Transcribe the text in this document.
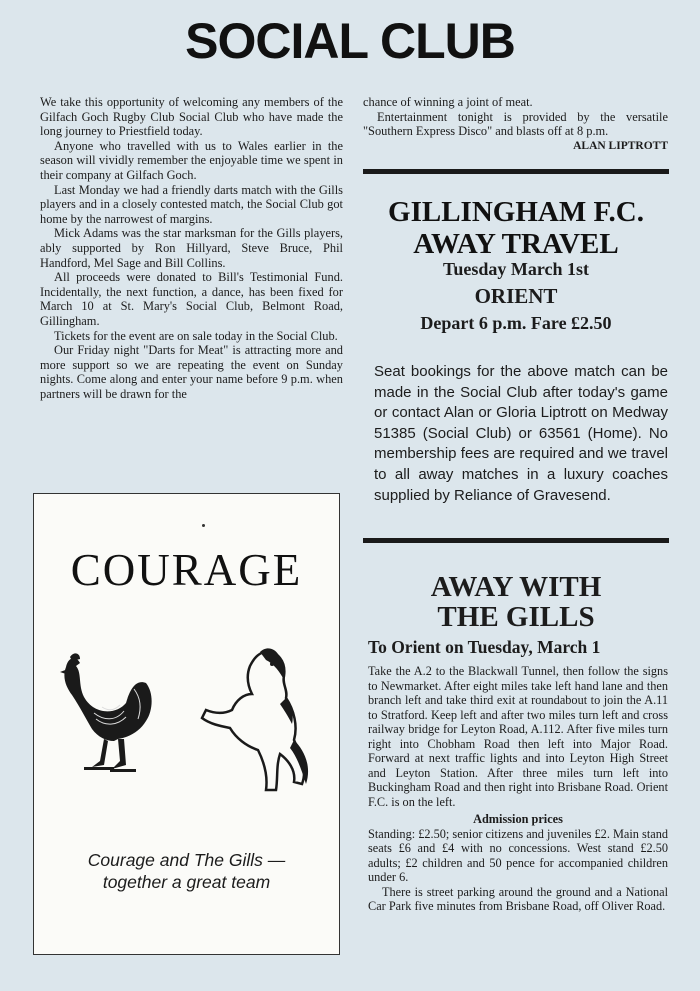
SOCIAL CLUB

We take this opportunity of welcoming any members of the Gilfach Goch Rugby Club Social Club who have made the long journey to Priestfield today.

Anyone who travelled with us to Wales earlier in the season will vividly remember the enjoyable time we spent in their company at Gilfach Goch.

Last Monday we had a friendly darts match with the Gills players and in a closely contested match, the Social Club got home by the narrowest of margins.

Mick Adams was the star marksman for the Gills players, ably supported by Ron Hillyard, Steve Bruce, Phil Handford, Mel Sage and Bill Collins.

All proceeds were donated to Bill's Testimonial Fund. Incidentally, the next function, a dance, has been fixed for March 10 at St. Mary's Social Club, Belmont Road, Gillingham.

Tickets for the event are on sale today in the Social Club.

Our Friday night "Darts for Meat" is attracting more and more support so we are repeating the event on Sunday nights. Come along and enter your name before 9 p.m. when partners will be drawn for the

chance of winning a joint of meat.

Entertainment tonight is provided by the versatile "Southern Express Disco" and blasts off at 8 p.m.

ALAN LIPTROTT
GILLINGHAM F.C.
AWAY TRAVEL
Tuesday March 1st
ORIENT
Depart 6 p.m. Fare £2.50

Seat bookings for the above match can be made in the Social Club after today's game or contact Alan or Gloria Liptrott on Medway 51385 (Social Club) or 63561 (Home). No membership fees are required and we travel to all away matches in a luxury coaches supplied by Reliance of Gravesend.

COURAGE
Courage and The Gills —
together a great team
AWAY WITH
THE GILLS
To Orient on Tuesday, March 1

Take the A.2 to the Blackwall Tunnel, then follow the signs to Newmarket. After eight miles take left hand lane and then branch left and take third exit at roundabout to join the A.11 to Stratford. Keep left and after two miles turn left and cross railway bridge for Leyton Road, A.112. After five miles turn right into Chobham Road then left into Major Road. Forward at next traffic lights and into Leyton High Street and Leyton Station. After three miles turn left into Buckingham Road and then right into Brisbane Road. Orient F.C. is on the left.

Admission prices

Standing: £2.50; senior citizens and juveniles £2. Main stand seats £6 and £4 with no concessions. West stand £2.50 adults; £2 children and 50 pence for accompanied children under 6.

There is street parking around the ground and a National Car Park five minutes from Brisbane Road, off Oliver Road.
